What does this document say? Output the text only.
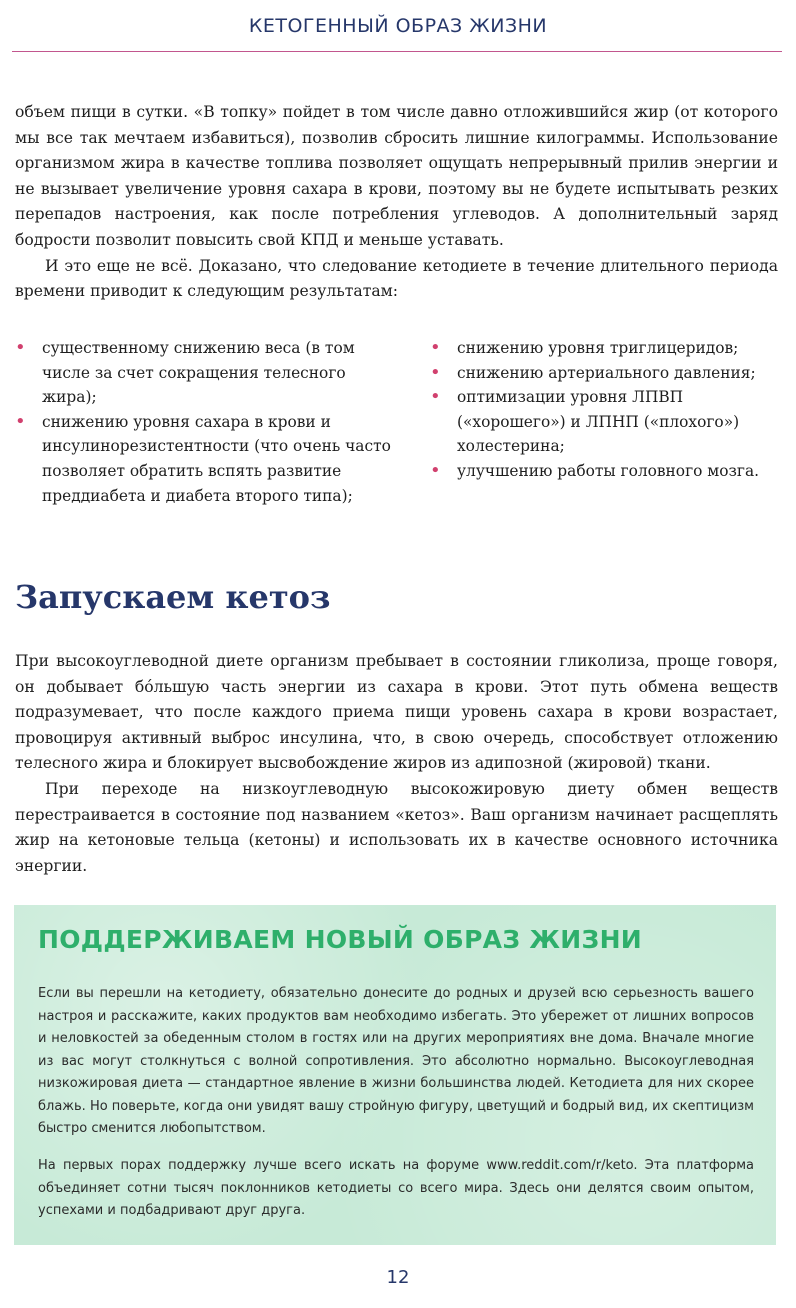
КЕТОГЕННЫЙ ОБРАЗ ЖИЗНИ

объем пищи в сутки. «В топку» пойдет в том числе давно отложившийся жир (от которого мы все так мечтаем избавиться), позволив сбросить лишние килограммы. Использование организмом жира в качестве топлива позволяет ощущать непрерывный прилив энергии и не вызывает увеличение уровня сахара в крови, поэтому вы не будете испытывать резких перепадов настроения, как после потребления углеводов. А дополнительный заряд бодрости позволит повысить свой КПД и меньше уставать.

И это еще не всё. Доказано, что следование кетодиете в течение длительного периода времени приводит к следующим результатам:

• существенному снижению веса (в том числе за счет сокращения телесного жира);
• снижению уровня сахара в крови и инсулинорезистентности (что очень часто позволяет обратить вспять развитие преддиабета и диабета второго типа);
• снижению уровня триглицеридов;
• снижению артериального давления;
• оптимизации уровня ЛПВП («хорошего») и ЛПНП («плохого») холестерина;
• улучшению работы головного мозга.
Запускаем кетоз

При высокоуглеводной диете организм пребывает в состоянии гликолиза, проще говоря, он добывает бóльшую часть энергии из сахара в крови. Этот путь обмена веществ подразумевает, что после каждого приема пищи уровень сахара в крови возрастает, провоцируя активный выброс инсулина, что, в свою очередь, способствует отложению телесного жира и блокирует высвобождение жиров из адипозной (жировой) ткани.

При переходе на низкоуглеводную высокожировую диету обмен веществ перестраивается в состояние под названием «кетоз». Ваш организм начинает расщеплять жир на кетоновые тельца (кетоны) и использовать их в качестве основного источника энергии.

ПОДДЕРЖИВАЕМ НОВЫЙ ОБРАЗ ЖИЗНИ

Если вы перешли на кетодиету, обязательно донесите до родных и друзей всю серьезность вашего настроя и расскажите, каких продуктов вам необходимо избегать. Это убережет от лишних вопросов и неловкостей за обеденным столом в гостях или на других мероприятиях вне дома. Вначале многие из вас могут столкнуться с волной сопротивления. Это абсолютно нормально. Высокоуглеводная низкожировая диета — стандартное явление в жизни большинства людей. Кетодиета для них скорее блажь. Но поверьте, когда они увидят вашу стройную фигуру, цветущий и бодрый вид, их скептицизм быстро сменится любопытством.

На первых порах поддержку лучше всего искать на форуме www.reddit.com/r/keto. Эта платформа объединяет сотни тысяч поклонников кетодиеты со всего мира. Здесь они делятся своим опытом, успехами и подбадривают друг друга.

12
